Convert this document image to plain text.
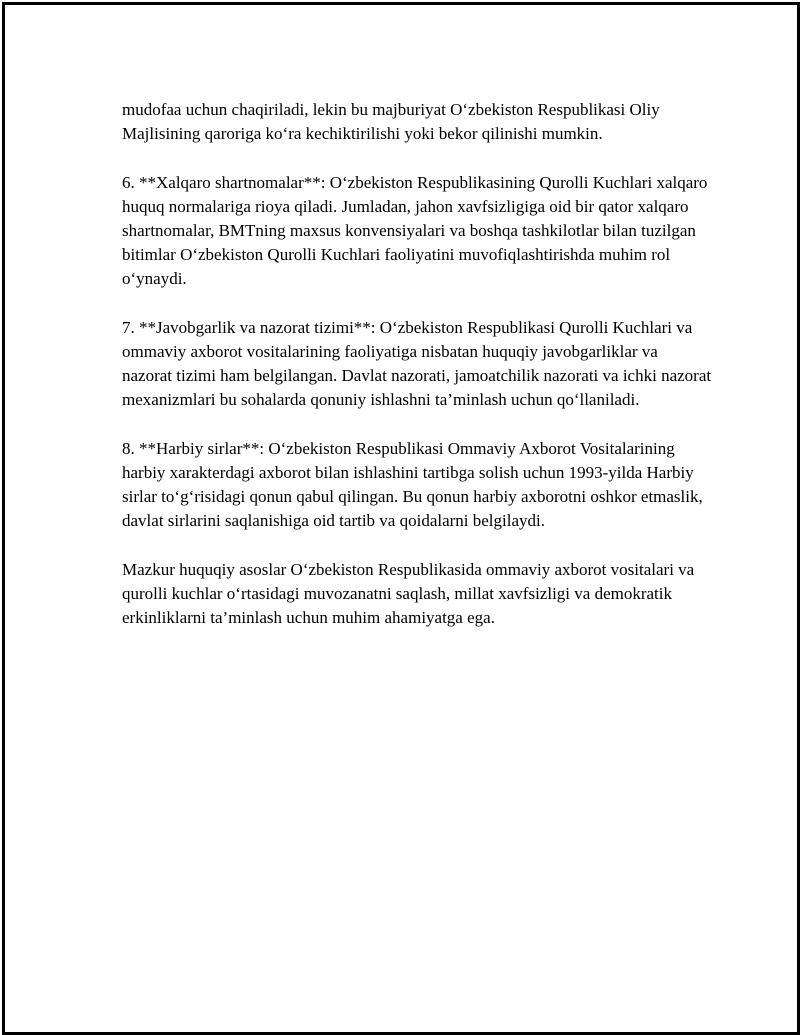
mudofaa uchun chaqiriladi, lekin bu majburiyat O‘zbekiston Respublikasi Oliy Majlisining qaroriga ko‘ra kechiktirilishi yoki bekor qilinishi mumkin.

6. **Xalqaro shartnomalar**: O‘zbekiston Respublikasining Qurolli Kuchlari xalqaro huquq normalariga rioya qiladi. Jumladan, jahon xavfsizligiga oid bir qator xalqaro shartnomalar, BMTning maxsus konvensiyalari va boshqa tashkilotlar bilan tuzilgan bitimlar O‘zbekiston Qurolli Kuchlari faoliyatini muvofiqlashtirishda muhim rol o‘ynaydi.

7. **Javobgarlik va nazorat tizimi**: O‘zbekiston Respublikasi Qurolli Kuchlari va ommaviy axborot vositalarining faoliyatiga nisbatan huquqiy javobgarliklar va nazorat tizimi ham belgilangan. Davlat nazorati, jamoatchilik nazorati va ichki nazorat mexanizmlari bu sohalarda qonuniy ishlashni ta’minlash uchun qo‘llaniladi.

8. **Harbiy sirlar**: O‘zbekiston Respublikasi Ommaviy Axborot Vositalarining harbiy xarakterdagi axborot bilan ishlashini tartibga solish uchun 1993-yilda Harbiy sirlar to‘g‘risidagi qonun qabul qilingan. Bu qonun harbiy axborotni oshkor etmaslik, davlat sirlarini saqlanishiga oid tartib va qoidalarni belgilaydi.

Mazkur huquqiy asoslar O‘zbekiston Respublikasida ommaviy axborot vositalari va qurolli kuchlar o‘rtasidagi muvozanatni saqlash, millat xavfsizligi va demokratik erkinliklarni ta’minlash uchun muhim ahamiyatga ega.
